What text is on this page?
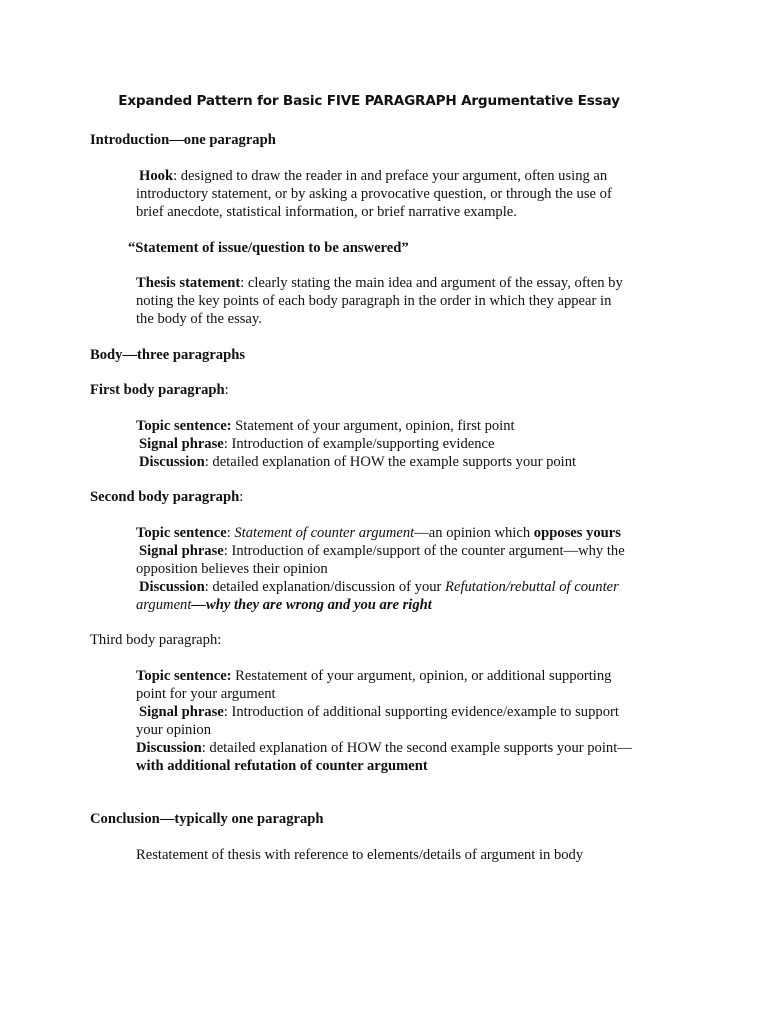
Expanded Pattern for Basic FIVE PARAGRAPH Argumentative Essay
Introduction—one paragraph
Hook: designed to draw the reader in and preface your argument, often using an
introductory statement, or by asking a provocative question, or through the use of
brief anecdote, statistical information, or brief narrative example.
“Statement of issue/question to be answered”
Thesis statement: clearly stating the main idea and argument of the essay, often by
noting the key points of each body paragraph in the order in which they appear in
the body of the essay.
Body—three paragraphs
First body paragraph:
Topic sentence: Statement of your argument, opinion, first point
Signal phrase: Introduction of example/supporting evidence
Discussion: detailed explanation of HOW the example supports your point
Second body paragraph:
Topic sentence: Statement of counter argument—an opinion which opposes yours
Signal phrase: Introduction of example/support of the counter argument—why the
opposition believes their opinion
Discussion: detailed explanation/discussion of your Refutation/rebuttal of counter
argument—why they are wrong and you are right
Third body paragraph:
Topic sentence: Restatement of your argument, opinion, or additional supporting
point for your argument
Signal phrase: Introduction of additional supporting evidence/example to support
your opinion
Discussion: detailed explanation of HOW the second example supports your point—
with additional refutation of counter argument
Conclusion—typically one paragraph
Restatement of thesis with reference to elements/details of argument in body
